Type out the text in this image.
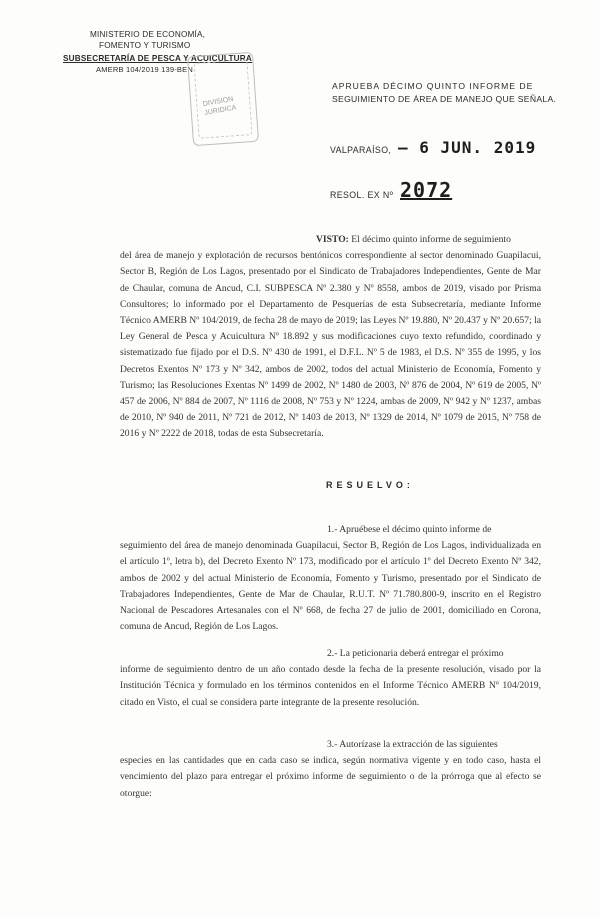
MINISTERIO DE ECONOMÍA,
FOMENTO Y TURISMO
SUBSECRETARÍA DE PESCA Y ACUICULTURA
AMERB 104/2019 139-BEN
DIVISION
JURIDICA
APRUEBA DÉCIMO QUINTO INFORME DE
SEGUIMIENTO DE ÁREA DE MANEJO QUE SEÑALA.
VALPARAÍSO, – 6 JUN. 2019
RESOL. EX Nº 2072
VISTO: El décimo quinto informe de seguimiento
del área de manejo y explotación de recursos bentónicos correspondiente al sector denominado Guapilacui, Sector B, Región de Los Lagos, presentado por el Sindicato de Trabajadores Independientes, Gente de Mar de Chaular, comuna de Ancud, C.I. SUBPESCA Nº 2.380 y Nº 8558, ambos de 2019, visado por Prisma Consultores; lo informado por el Departamento de Pesquerías de esta Subsecretaría, mediante Informe Técnico AMERB Nº 104/2019, de fecha 28 de mayo de 2019; las Leyes Nº 19.880, Nº 20.437 y Nº 20.657; la Ley General de Pesca y Acuicultura Nº 18.892 y sus modificaciones cuyo texto refundido, coordinado y sistematizado fue fijado por el D.S. Nº 430 de 1991, el D.F.L. Nº 5 de 1983, el D.S. Nº 355 de 1995, y los Decretos Exentos Nº 173 y Nº 342, ambos de 2002, todos del actual Ministerio de Economía, Fomento y Turismo; las Resoluciones Exentas Nº 1499 de 2002, Nº 1480 de 2003, Nº 876 de 2004, Nº 619 de 2005, Nº 457 de 2006, Nº 884 de 2007, Nº 1116 de 2008, Nº 753 y Nº 1224, ambas de 2009, Nº 942 y Nº 1237, ambas de 2010, Nº 940 de 2011, Nº 721 de 2012, Nº 1403 de 2013, Nº 1329 de 2014, Nº 1079 de 2015, Nº 758 de 2016 y Nº 2222 de 2018, todas de esta Subsecretaría.
RESUELVO:
1.- Apruébese el décimo quinto informe de
seguimiento del área de manejo denominada Guapilacui, Sector B, Región de Los Lagos, individualizada en el artículo 1º, letra b), del Decreto Exento Nº 173, modificado por el artículo 1º del Decreto Exento Nº 342, ambos de 2002 y del actual Ministerio de Economía, Fomento y Turismo, presentado por el Sindicato de Trabajadores Independientes, Gente de Mar de Chaular, R.U.T. Nº 71.780.800-9, inscrito en el Registro Nacional de Pescadores Artesanales con el Nº 668, de fecha 27 de julio de 2001, domiciliado en Corona, comuna de Ancud, Región de Los Lagos.
2.- La peticionaria deberá entregar el próximo
informe de seguimiento dentro de un año contado desde la fecha de la presente resolución, visado por la Institución Técnica y formulado en los términos contenidos en el Informe Técnico AMERB Nº 104/2019, citado en Visto, el cual se considera parte integrante de la presente resolución.
3.- Autorízase la extracción de las siguientes
especies en las cantidades que en cada caso se indica, según normativa vigente y en todo caso, hasta el vencimiento del plazo para entregar el próximo informe de seguimiento o de la prórroga que al efecto se otorgue:
